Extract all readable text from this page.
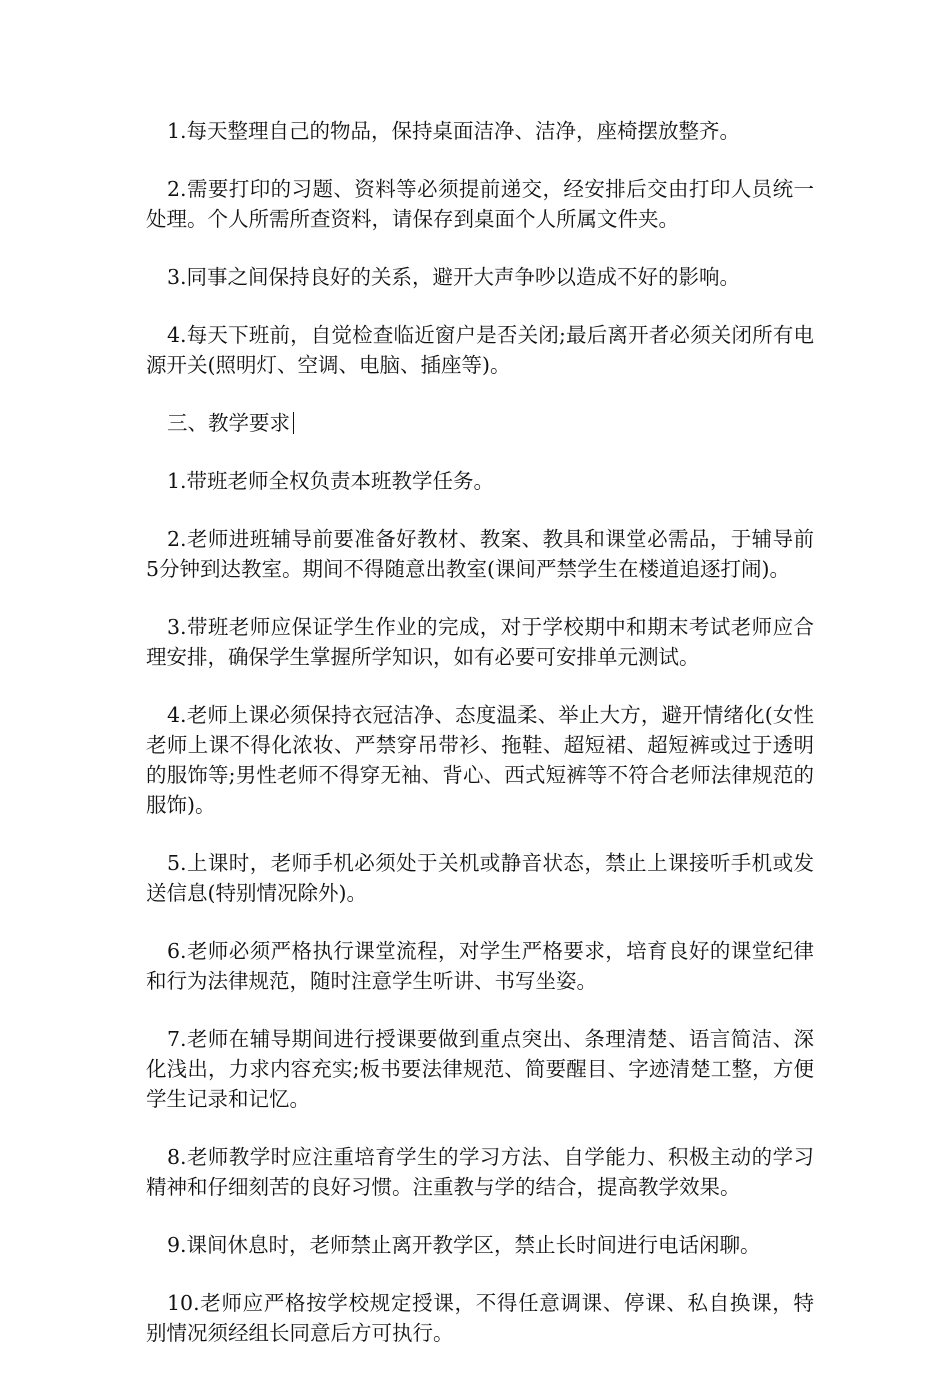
1.每天整理自己的物品，保持桌面洁净、洁净，座椅摆放整齐。

2.需要打印的习题、资料等必须提前递交，经安排后交由打印人员统一处理。个人所需所查资料，请保存到桌面个人所属文件夹。

3.同事之间保持良好的关系，避开大声争吵以造成不好的影响。

4.每天下班前，自觉检查临近窗户是否关闭;最后离开者必须关闭所有电源开关(照明灯、空调、电脑、插座等)。

三、教学要求

1.带班老师全权负责本班教学任务。

2.老师进班辅导前要准备好教材、教案、教具和课堂必需品，于辅导前5分钟到达教室。期间不得随意出教室(课间严禁学生在楼道追逐打闹)。

3.带班老师应保证学生作业的完成，对于学校期中和期末考试老师应合理安排，确保学生掌握所学知识，如有必要可安排单元测试。

4.老师上课必须保持衣冠洁净、态度温柔、举止大方，避开情绪化(女性老师上课不得化浓妆、严禁穿吊带衫、拖鞋、超短裙、超短裤或过于透明的服饰等;男性老师不得穿无袖、背心、西式短裤等不符合老师法律规范的服饰)。

5.上课时，老师手机必须处于关机或静音状态，禁止上课接听手机或发送信息(特别情况除外)。

6.老师必须严格执行课堂流程，对学生严格要求，培育良好的课堂纪律和行为法律规范，随时注意学生听讲、书写坐姿。

7.老师在辅导期间进行授课要做到重点突出、条理清楚、语言简洁、深化浅出，力求内容充实;板书要法律规范、简要醒目、字迹清楚工整，方便学生记录和记忆。

8.老师教学时应注重培育学生的学习方法、自学能力、积极主动的学习精神和仔细刻苦的良好习惯。注重教与学的结合，提高教学效果。

9.课间休息时，老师禁止离开教学区，禁止长时间进行电话闲聊。

10.老师应严格按学校规定授课，不得任意调课、停课、私自换课，特别情况须经组长同意后方可执行。
